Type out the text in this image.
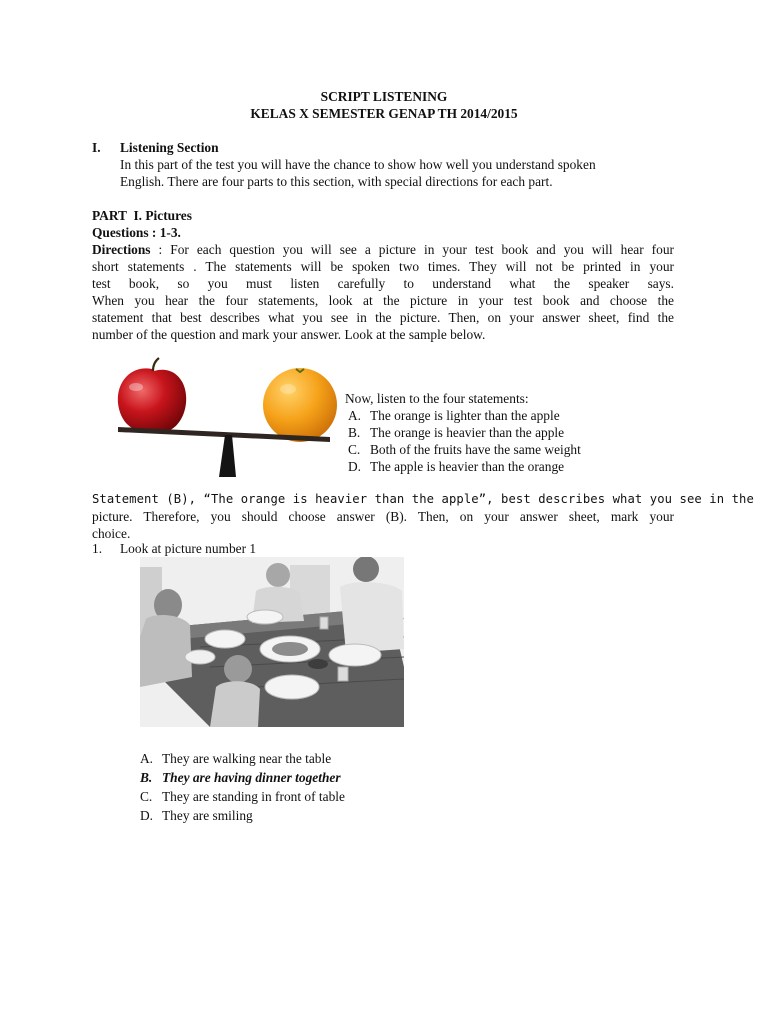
SCRIPT LISTENING
KELAS X SEMESTER GENAP TH 2014/2015
I. Listening Section
In this part of the test you will have the chance to show how well you understand spoken
English. There are four parts to this section, with special directions for each part.
PART  I. Pictures
Questions : 1-3.
Directions : For each question you will see a picture in your test book and you will hear four
short statements . The statements will be spoken two times. They will not be printed in your
test book, so you must listen carefully to understand what the speaker says.
When you hear the four statements, look at the picture in your test book and choose the
statement that best describes what you see in the picture. Then, on your answer sheet, find the
number of the question and mark your answer. Look at the sample below.
Now, listen to the four statements:
A. The orange is lighter than the apple
B. The orange is heavier than the apple
C. Both of the fruits have the same weight
D. The apple is heavier than the orange
Statement (B), “The orange is heavier than the apple”, best describes what you see in the
picture. Therefore, you should choose answer (B). Then, on your answer sheet, mark your
choice.
1. Look at picture number 1
A. They are walking near the table
B. They are having dinner together
C. They are standing in front of table
D. They are smiling
